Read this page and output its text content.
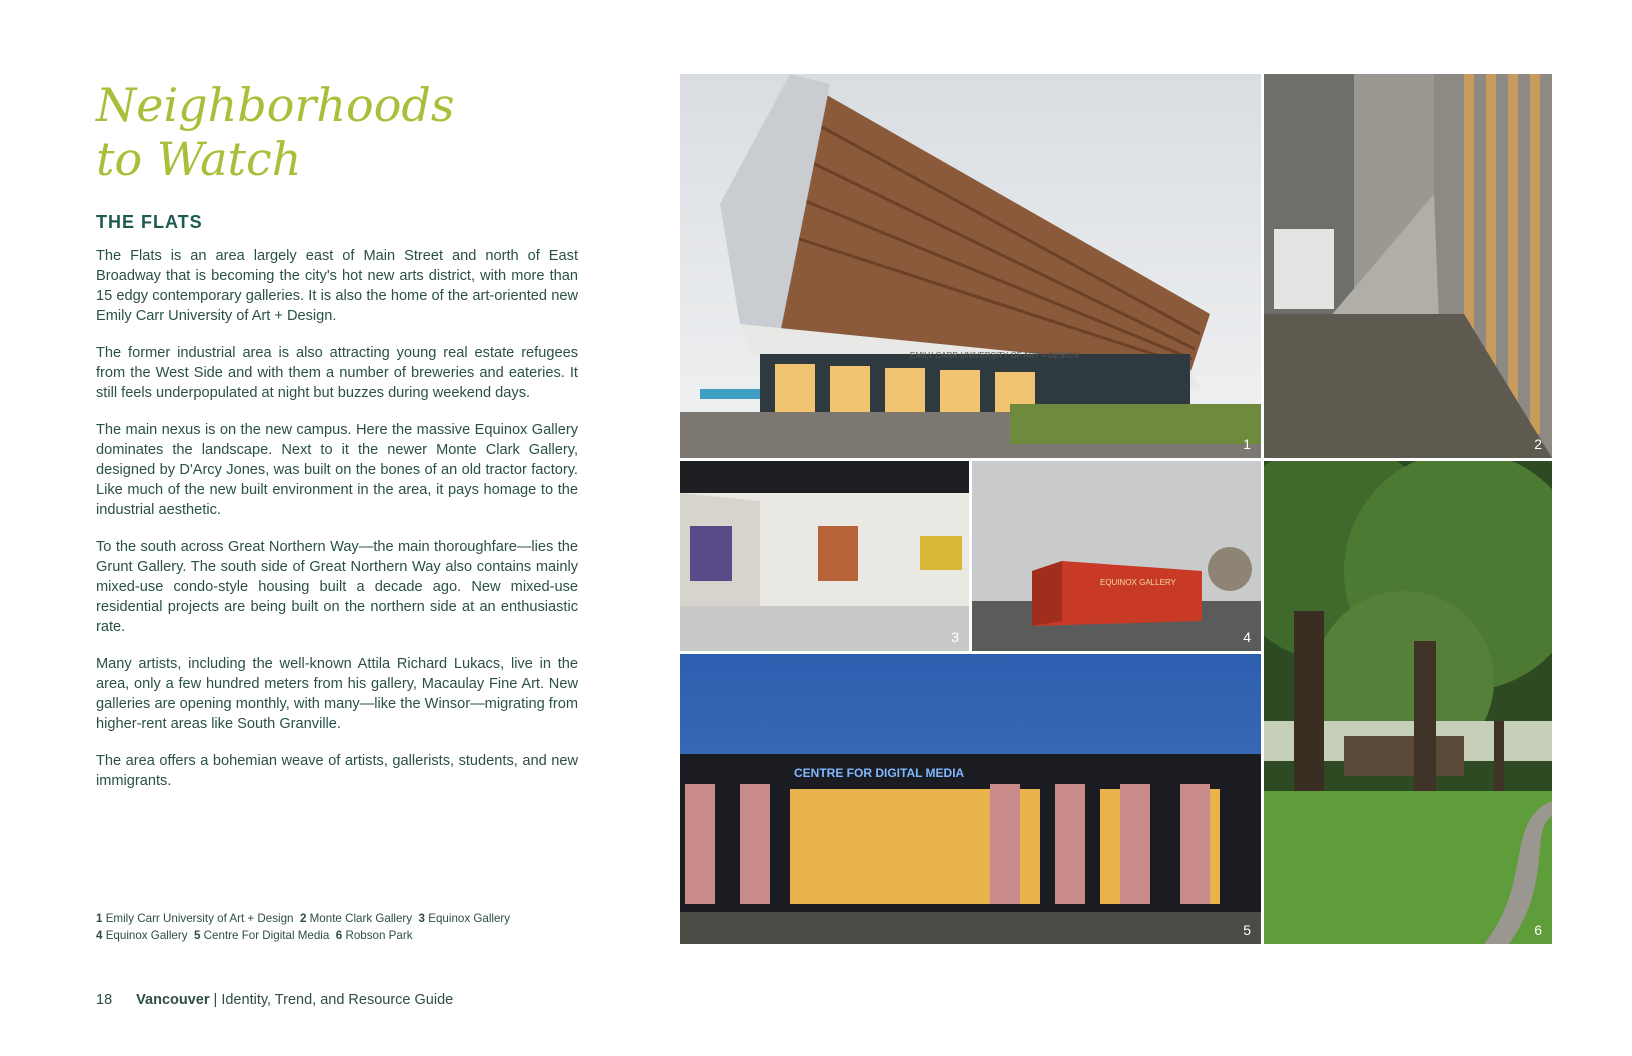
Neighborhoods
to Watch
THE FLATS

The Flats is an area largely east of Main Street and north of East Broadway that is becoming the city's hot new arts district, with more than 15 edgy contemporary galleries. It is also the home of the art-oriented new Emily Carr University of Art + Design.

The former industrial area is also attracting young real estate refugees from the West Side and with them a number of breweries and eateries. It still feels underpopulated at night but buzzes during weekend days.

The main nexus is on the new campus. Here the massive Equinox Gallery dominates the landscape. Next to it the newer Monte Clark Gallery, designed by D'Arcy Jones, was built on the bones of an old tractor factory. Like much of the new built environment in the area, it pays homage to the industrial aesthetic.

To the south across Great Northern Way—the main thoroughfare—lies the Grunt Gallery. The south side of Great Northern Way also contains mainly mixed-use condo-style housing built a decade ago. New mixed-use residential projects are being built on the northern side at an enthusiastic rate.

Many artists, including the well-known Attila Richard Lukacs, live in the area, only a few hundred meters from his gallery, Macaulay Fine Art. New galleries are opening monthly, with many—like the Winsor—migrating from higher-rent areas like South Granville.

The area offers a bohemian weave of artists, gallerists, students, and new immigrants.

1 Emily Carr University of Art + Design 2 Monte Clark Gallery 3 Equinox Gallery
4 Equinox Gallery 5 Centre For Digital Media 6 Robson Park
18 Vancouver | Identity, Trend, and Resource Guide
EMILY CARR UNIVERSITY OF ART + DESIGN
1	2
3
EQUINOX GALLERY
4
CENTRE FOR DIGITAL MEDIA
5	6
